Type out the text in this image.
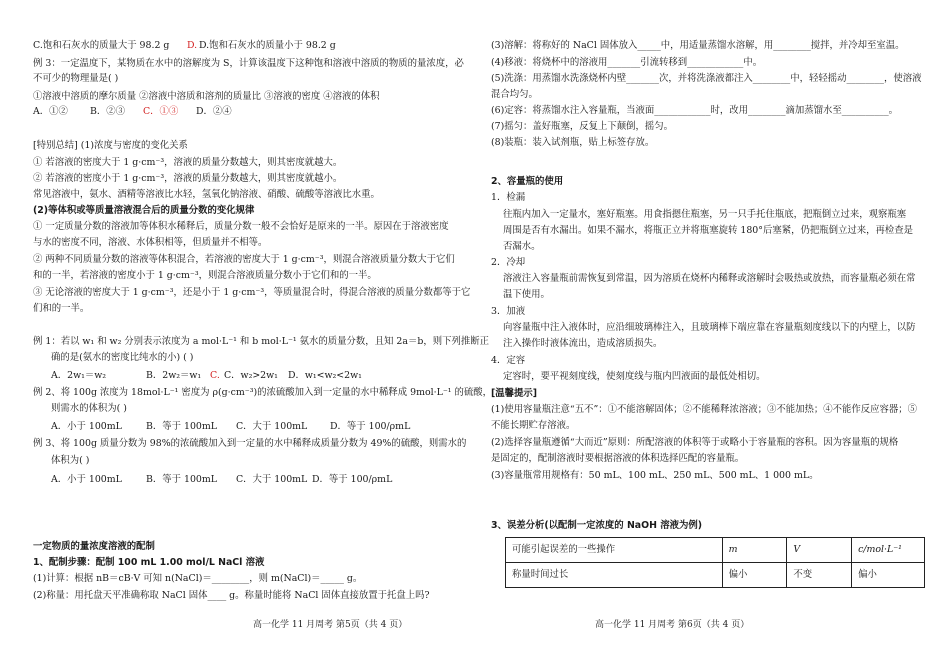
C.饱和石灰水的质量大于 98.2 g D. D.饱和石灰水的质量小于 98.2 g
例 3：一定温度下，某物质在水中的溶解度为 S，计算该温度下这种饱和溶液中溶质的物质的量浓度，必
不可少的物理量是( )
①溶液中溶质的摩尔质量 ②溶液中溶质和溶剂的质量比 ③溶液的密度 ④溶液的体积
A．①② B．②③ C．①③ D．②④
[特别总结] (1)浓度与密度的变化关系
① 若溶液的密度大于 1 g·cm⁻³，溶液的质量分数越大，则其密度就越大。
② 若溶液的密度小于 1 g·cm⁻³，溶液的质量分数越大，则其密度就越小。
常见溶液中，氨水、酒精等溶液比水轻，氢氧化钠溶液、硝酸、硫酸等溶液比水重。
(2)等体积或等质量溶液混合后的质量分数的变化规律
① 一定质量分数的溶液加等体积水稀释后，质量分数一般不会恰好是原来的一半。原因在于溶液密度
与水的密度不同，溶液、水体积相等，但质量并不相等。
② 两种不同质量分数的溶液等体积混合，若溶液的密度大于 1 g·cm⁻³，则混合溶液质量分数大于它们
和的一半，若溶液的密度小于 1 g·cm⁻³，则混合溶液质量分数小于它们和的一半。
③ 无论溶液的密度大于 1 g·cm⁻³，还是小于 1 g·cm⁻³，等质量混合时，得混合溶液的质量分数都等于它
们和的一半。
例 1：若以 w₁ 和 w₂ 分别表示浓度为 a mol·L⁻¹ 和 b mol·L⁻¹ 氨水的质量分数，且知 2a＝b，则下列推断正
确的是(氨水的密度比纯水的小) ( )
A．2w₁＝w₂	B．2w₂＝w₁ C. C．w₂>2w₁ D．w₁<w₂<2w₁
例 2、将 100g 浓度为 18mol·L⁻¹ 密度为 ρ(g·cm⁻³)的浓硫酸加入到一定量的水中稀释成 9mol·L⁻¹ 的硫酸，
则需水的体积为( )
A．小于 100mL	B．等于 100mL C．大于 100mL D．等于 100/ρmL
例 3、将 100g 质量分数为 98%的浓硫酸加入到一定量的水中稀释成质量分数为 49%的硫酸，则需水的
体积为( )
A．小于 100mL	B．等于 100mL C．大于 100mL D．等于 100/ρmL
一定物质的量浓度溶液的配制
1、配制步骤：配制 100 mL 1.00 mol/L NaCl 溶液
(1)计算：根据 nB＝cB·V 可知 n(NaCl)＝________，则 m(NaCl)＝_____ g。
(2)称量：用托盘天平准确称取 NaCl 固体____ g。称量时能将 NaCl 固体直接放置于托盘上吗?
高一化学 11 月周考 第5页（共 4 页）
(3)溶解：将称好的 NaCl 固体放入_____中，用适量蒸馏水溶解，用________搅拌，并冷却至室温。
(4)移液：将烧杯中的溶液用_______引流转移到____________中。
(5)洗涤：用蒸馏水洗涤烧杯内壁_______次，并将洗涤液都注入________中，轻轻摇动________，使溶液
混合均匀。
(6)定容：将蒸馏水注入容量瓶，当液面____________时，改用________滴加蒸馏水至__________。
(7)摇匀：盖好瓶塞，反复上下颠倒，摇匀。
(8)装瓶：装入试剂瓶，贴上标签存放。
2、容量瓶的使用
1．检漏
往瓶内加入一定量水，塞好瓶塞。用食指摁住瓶塞，另一只手托住瓶底，把瓶倒立过来，观察瓶塞
周围是否有水漏出。如果不漏水，将瓶正立并将瓶塞旋转 180°后塞紧，仍把瓶倒立过来，再检查是
否漏水。
2．冷却
溶液注入容量瓶前需恢复到常温，因为溶质在烧杯内稀释或溶解时会吸热或放热，而容量瓶必须在常
温下使用。
3．加液
向容量瓶中注入液体时，应沿细玻璃棒注入，且玻璃棒下端应靠在容量瓶刻度线以下的内壁上，以防
注入操作时液体流出，造成溶质损失。
4．定容
定容时，要平视刻度线，使刻度线与瓶内凹液面的最低处相切。
[温馨提示]
(1)使用容量瓶注意“五不”：①不能溶解固体；②不能稀释浓溶液；③不能加热；④不能作反应容器；⑤
不能长期贮存溶液。
(2)选择容量瓶遵循“大而近”原则：所配溶液的体积等于或略小于容量瓶的容积。因为容量瓶的规格
是固定的，配制溶液时要根据溶液的体积选择匹配的容量瓶。
(3)容量瓶常用规格有：50 mL、100 mL、250 mL、500 mL、1 000 mL。
3、误差分析(以配制一定浓度的 NaOH 溶液为例)
可能引起误差的一些操作	m	V	c/mol·L⁻¹
称量时间过长	偏小	不变	偏小
高一化学 11 月周考 第6页（共 4 页）
